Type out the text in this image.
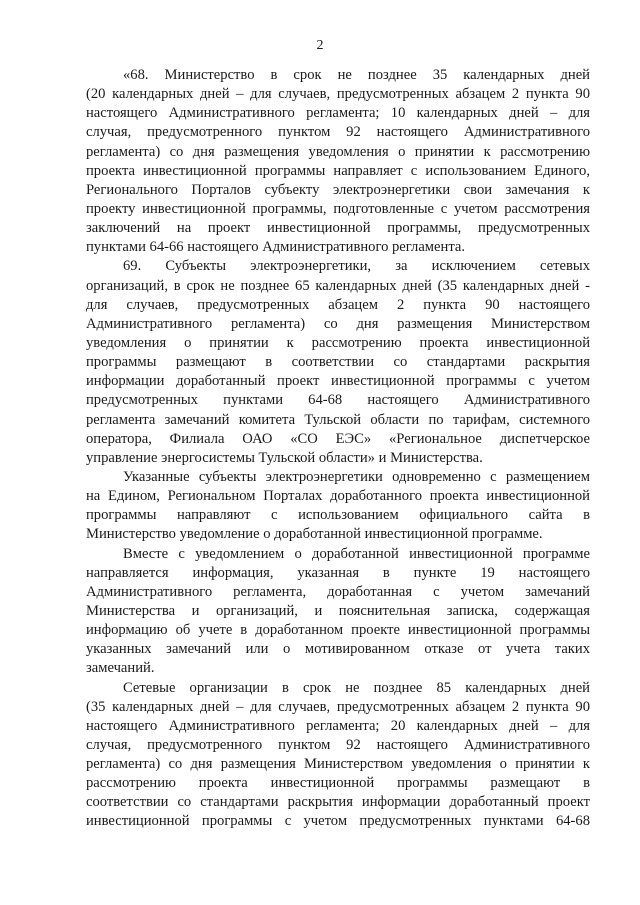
2
«68. Министерство в срок не позднее 35 календарных дней
(20 календарных дней – для случаев, предусмотренных абзацем 2 пункта 90
настоящего Административного регламента; 10 календарных дней – для
случая, предусмотренного пунктом 92 настоящего Административного
регламента) со дня размещения уведомления о принятии к рассмотрению
проекта инвестиционной программы направляет с использованием Единого,
Регионального Порталов субъекту электроэнергетики свои замечания к
проекту инвестиционной программы, подготовленные с учетом рассмотрения
заключений на проект инвестиционной программы, предусмотренных
пунктами 64-66 настоящего Административного регламента.
69. Субъекты электроэнергетики, за исключением сетевых
организаций, в срок не позднее 65 календарных дней (35 календарных дней -
для случаев, предусмотренных абзацем 2 пункта 90 настоящего
Административного регламента) со дня размещения Министерством
уведомления о принятии к рассмотрению проекта инвестиционной
программы размещают в соответствии со стандартами раскрытия
информации доработанный проект инвестиционной программы с учетом
предусмотренных пунктами 64-68 настоящего Административного
регламента замечаний комитета Тульской области по тарифам, системного
оператора, Филиала ОАО «СО ЕЭС» «Региональное диспетчерское
управление энергосистемы Тульской области» и Министерства.
Указанные субъекты электроэнергетики одновременно с размещением
на Едином, Региональном Порталах доработанного проекта инвестиционной
программы направляют с использованием официального сайта в
Министерство уведомление о доработанной инвестиционной программе.
Вместе с уведомлением о доработанной инвестиционной программе
направляется информация, указанная в пункте 19 настоящего
Административного регламента, доработанная с учетом замечаний
Министерства и организаций, и пояснительная записка, содержащая
информацию об учете в доработанном проекте инвестиционной программы
указанных замечаний или о мотивированном отказе от учета таких
замечаний.
Сетевые организации в срок не позднее 85 календарных дней
(35 календарных дней – для случаев, предусмотренных абзацем 2 пункта 90
настоящего Административного регламента; 20 календарных дней – для
случая, предусмотренного пунктом 92 настоящего Административного
регламента) со дня размещения Министерством уведомления о принятии к
рассмотрению проекта инвестиционной программы размещают в
соответствии со стандартами раскрытия информации доработанный проект
инвестиционной программы с учетом предусмотренных пунктами 64-68
